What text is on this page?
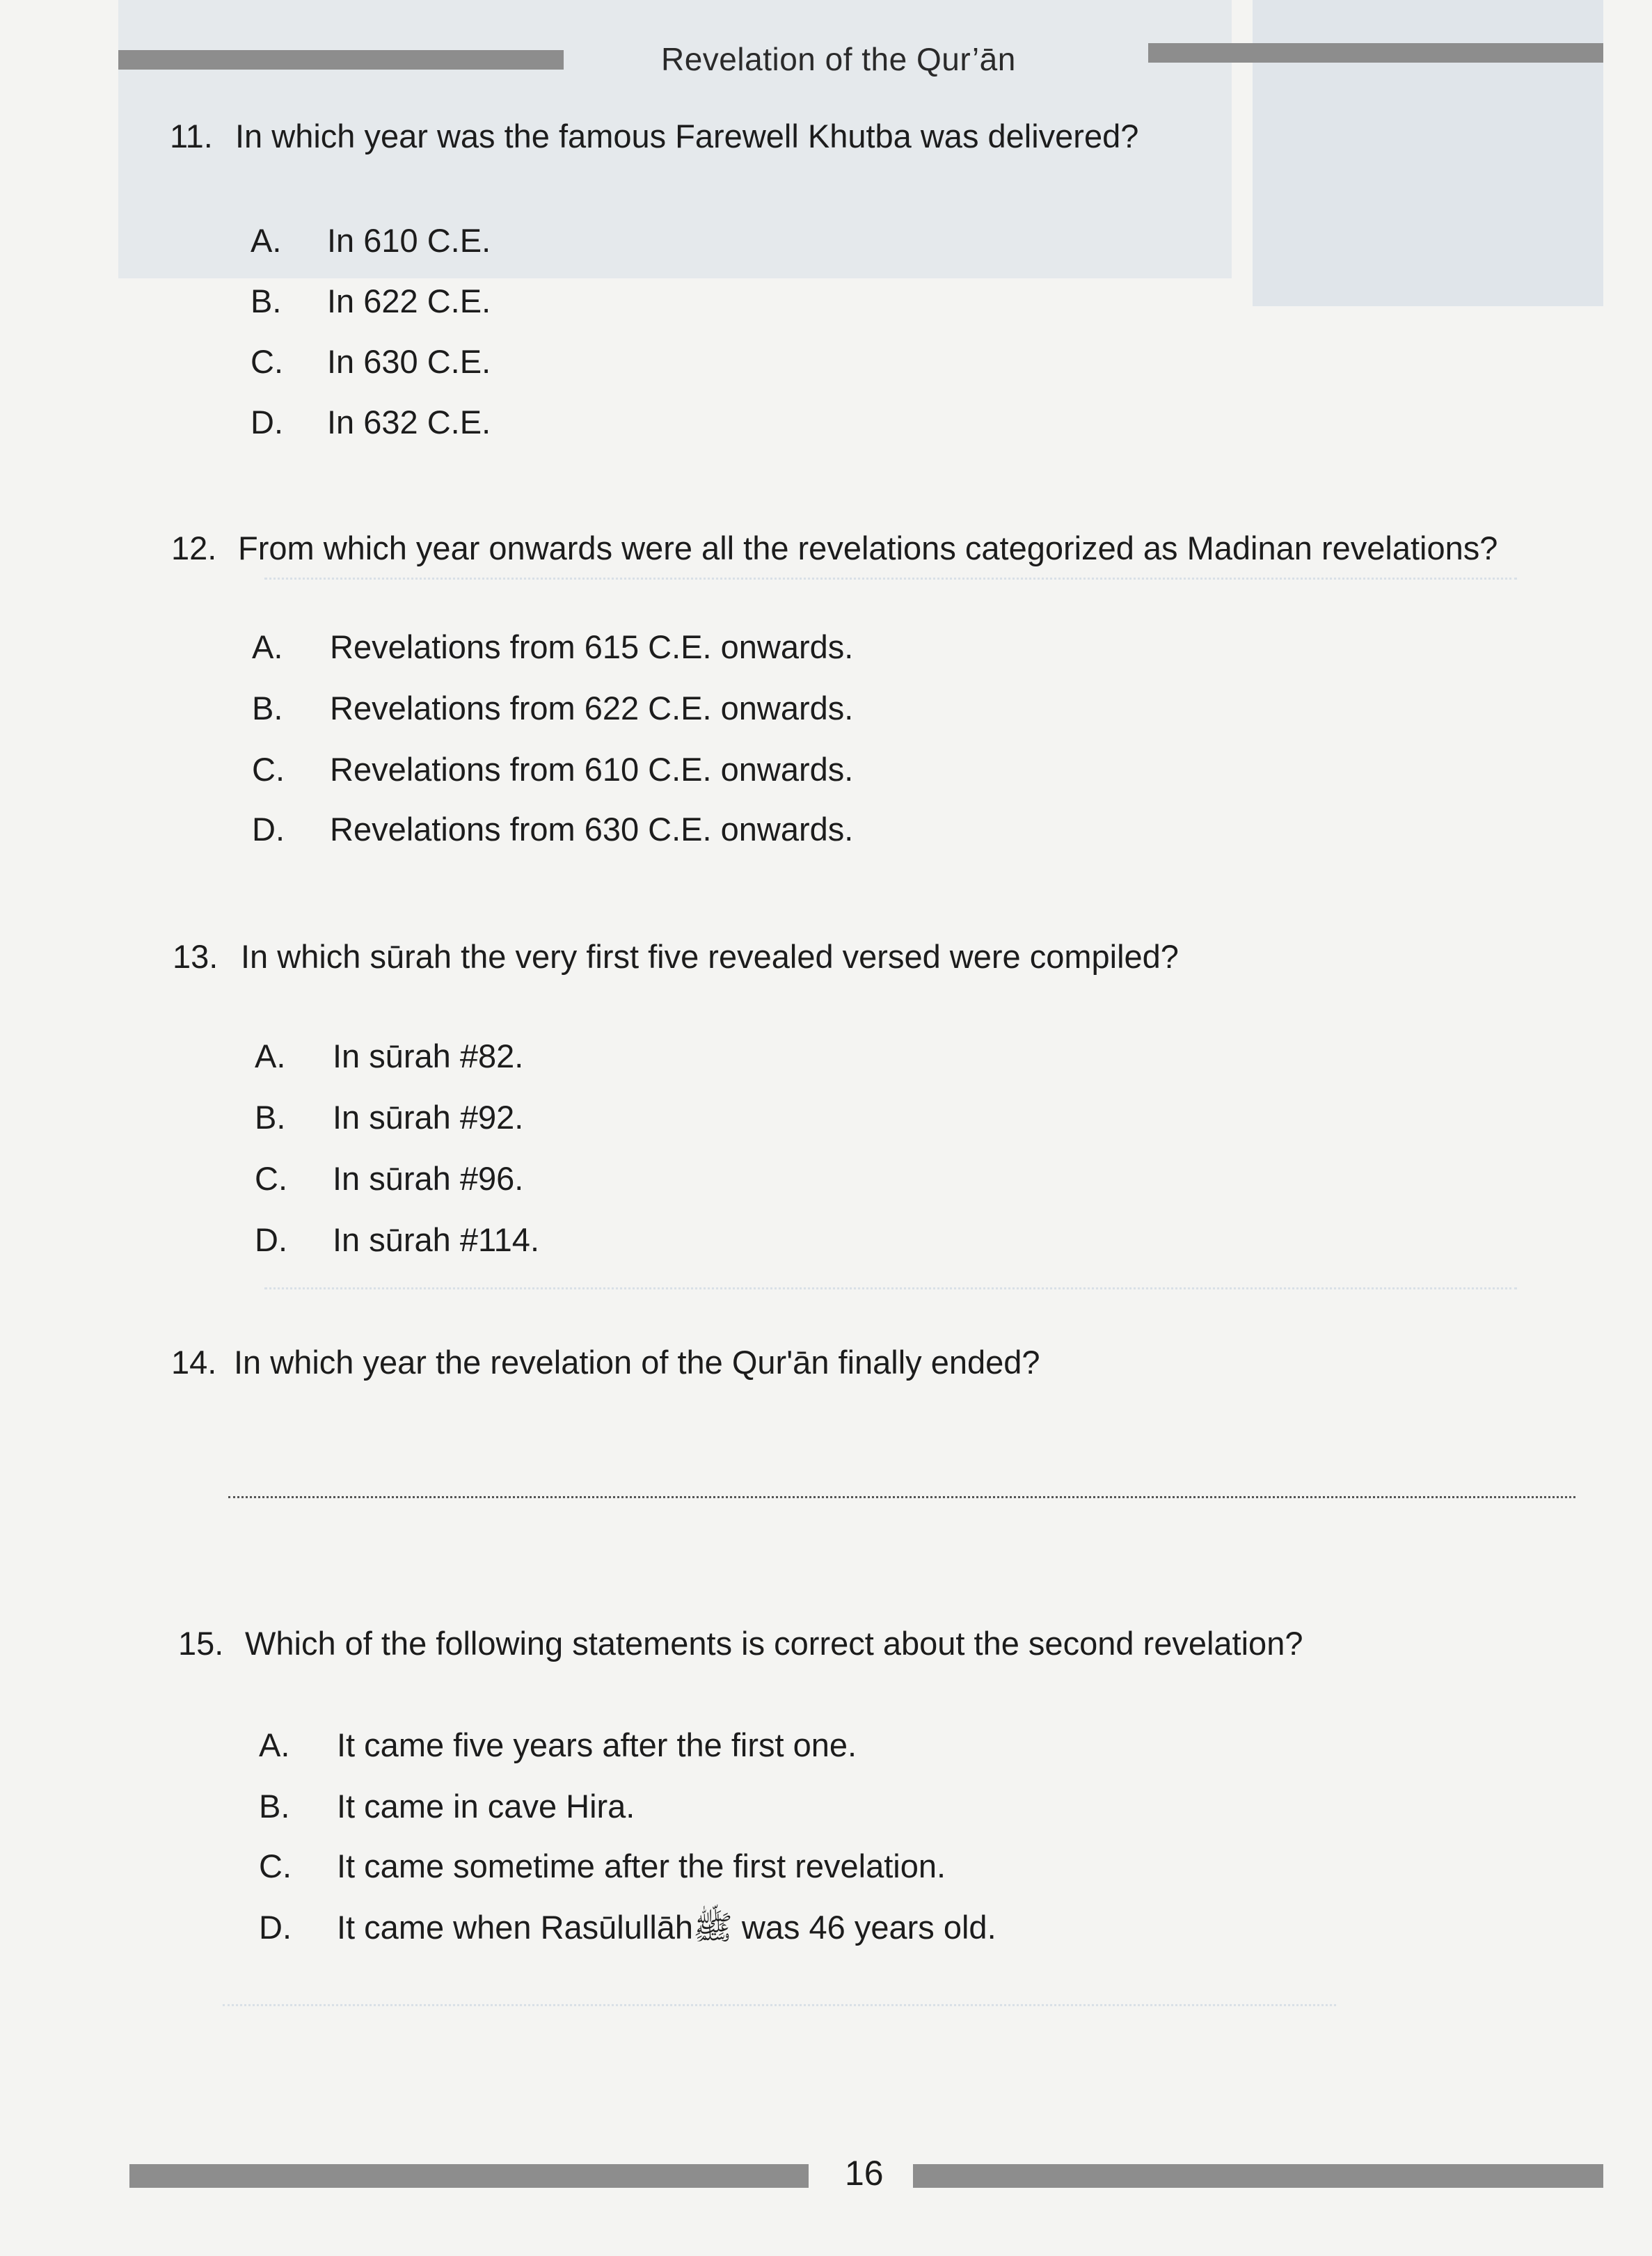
Revelation of the Qur’ān
11. In which year was the famous Farewell Khutba was delivered?
A. In 610 C.E.
B. In 622 C.E.
C. In 630 C.E.
D. In 632 C.E.
12. From which year onwards were all the revelations categorized as Madinan revelations?
A. Revelations from 615 C.E. onwards.
B. Revelations from 622 C.E. onwards.
C. Revelations from 610 C.E. onwards.
D. Revelations from 630 C.E. onwards.
13. In which sūrah the very first five revealed versed were compiled?
A. In sūrah #82.
B. In sūrah #92.
C. In sūrah #96.
D. In sūrah #114.
14. In which year the revelation of the Qur'ān finally ended?
15. Which of the following statements is correct about the second revelation?
A. It came five years after the first one.
B. It came in cave Hira.
C. It came sometime after the first revelation.
D. It came when Rasūlullāhﷺ was 46 years old.
16
